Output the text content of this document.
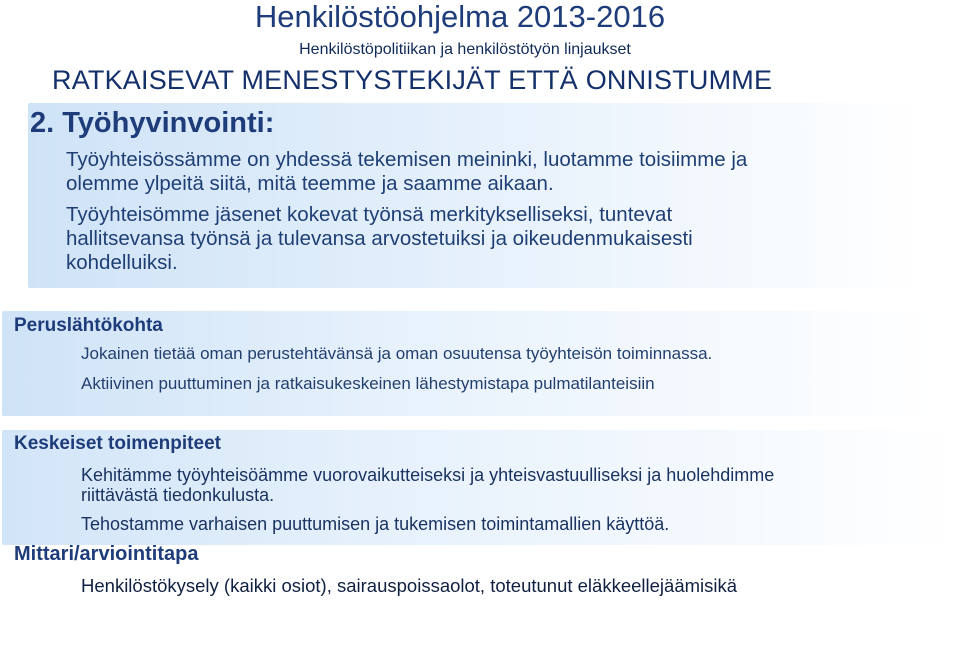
Henkilöstöohjelma 2013-2016
Henkilöstöpolitiikan ja henkilöstötyön linjaukset
RATKAISEVAT MENESTYSTEKIJÄT ETTÄ ONNISTUMME
2. Työhyvinvointi:
Työyhteisössämme on yhdessä tekemisen meininki, luotamme toisiimme ja
olemme ylpeitä siitä, mitä teemme ja saamme aikaan.
Työyhteisömme jäsenet kokevat työnsä merkitykselliseksi, tuntevat
hallitsevansa työnsä ja tulevansa arvostetuiksi ja oikeudenmukaisesti
kohdelluiksi.
Peruslähtökohta
Jokainen tietää oman perustehtävänsä ja oman osuutensa työyhteisön toiminnassa.
Aktiivinen puuttuminen ja ratkaisukeskeinen lähestymistapa pulmatilanteisiin
Keskeiset toimenpiteet
Kehitämme työyhteisöämme vuorovaikutteiseksi ja yhteisvastuulliseksi ja huolehdimme
riittävästä tiedonkulusta.
Tehostamme varhaisen puuttumisen ja tukemisen toimintamallien käyttöä.
Mittari/arviointitapa
Henkilöstökysely (kaikki osiot), sairauspoissaolot, toteutunut eläkkeellejäämisikä
